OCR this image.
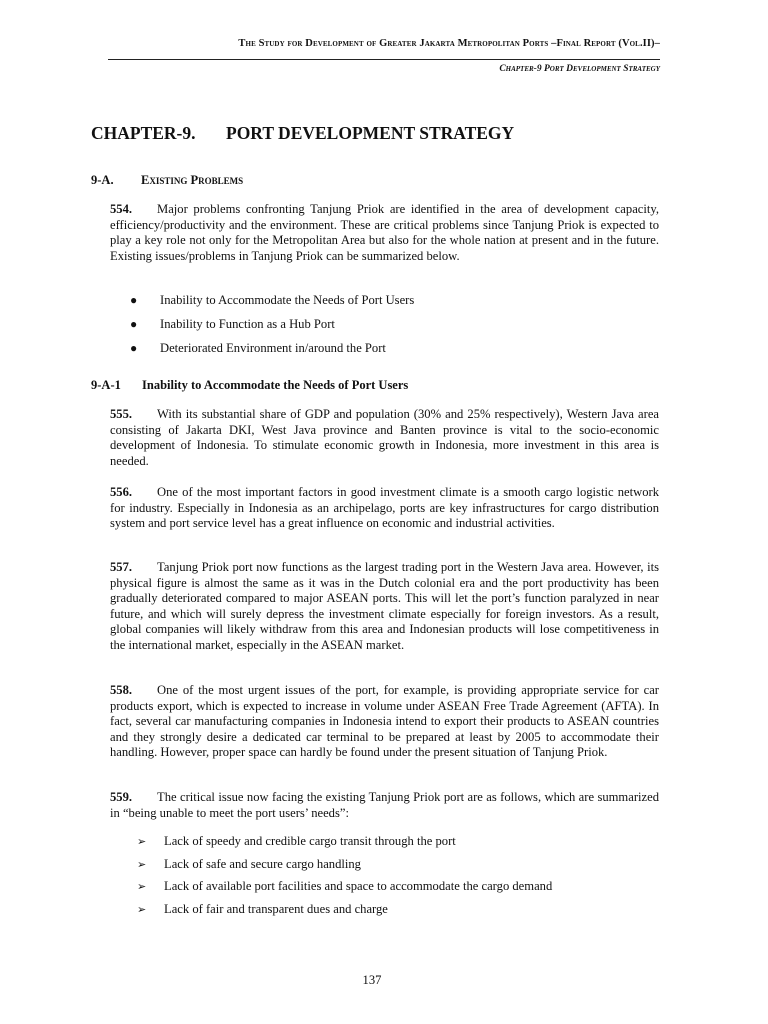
The Study for Development of Greater Jakarta Metropolitan Ports –Final Report (Vol.II)–
Chapter-9 Port Development Strategy
CHAPTER-9. PORT DEVELOPMENT STRATEGY
9-A. Existing Problems

554. Major problems confronting Tanjung Priok are identified in the area of development capacity, efficiency/productivity and the environment. These are critical problems since Tanjung Priok is expected to play a key role not only for the Metropolitan Area but also for the whole nation at present and in the future. Existing issues/problems in Tanjung Priok can be summarized below.

● Inability to Accommodate the Needs of Port Users
● Inability to Function as a Hub Port
● Deteriorated Environment in/around the Port
9-A-1 Inability to Accommodate the Needs of Port Users

555. With its substantial share of GDP and population (30% and 25% respectively), Western Java area consisting of Jakarta DKI, West Java province and Banten province is vital to the socio-economic development of Indonesia. To stimulate economic growth in Indonesia, more investment in this area is needed.

556. One of the most important factors in good investment climate is a smooth cargo logistic network for industry. Especially in Indonesia as an archipelago, ports are key infrastructures for cargo distribution system and port service level has a great influence on economic and industrial activities.

557. Tanjung Priok port now functions as the largest trading port in the Western Java area. However, its physical figure is almost the same as it was in the Dutch colonial era and the port productivity has been gradually deteriorated compared to major ASEAN ports. This will let the port’s function paralyzed in near future, and which will surely depress the investment climate especially for foreign investors. As a result, global companies will likely withdraw from this area and Indonesian products will lose competitiveness in the international market, especially in the ASEAN market.

558. One of the most urgent issues of the port, for example, is providing appropriate service for car products export, which is expected to increase in volume under ASEAN Free Trade Agreement (AFTA). In fact, several car manufacturing companies in Indonesia intend to export their products to ASEAN countries and they strongly desire a dedicated car terminal to be prepared at least by 2005 to accommodate their handling. However, proper space can hardly be found under the present situation of Tanjung Priok.

559. The critical issue now facing the existing Tanjung Priok port are as follows, which are summarized in “being unable to meet the port users’ needs”:

➢ Lack of speedy and credible cargo transit through the port
➢ Lack of safe and secure cargo handling
➢ Lack of available port facilities and space to accommodate the cargo demand
➢ Lack of fair and transparent dues and charge
137
